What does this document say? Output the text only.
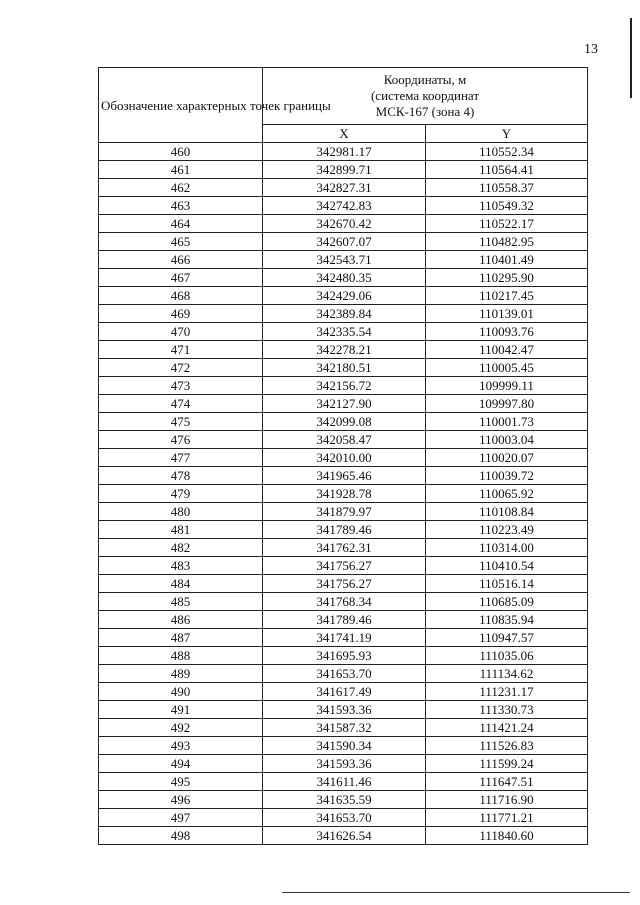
13
Обозначение характерных точек границы	Координаты, м
(система координат
МСК-167 (зона 4)	

	X	Y
460	342981.17	110552.34
461	342899.71	110564.41
462	342827.31	110558.37
463	342742.83	110549.32
464	342670.42	110522.17
465	342607.07	110482.95
466	342543.71	110401.49
467	342480.35	110295.90
468	342429.06	110217.45
469	342389.84	110139.01
470	342335.54	110093.76
471	342278.21	110042.47
472	342180.51	110005.45
473	342156.72	109999.11
474	342127.90	109997.80
475	342099.08	110001.73
476	342058.47	110003.04
477	342010.00	110020.07
478	341965.46	110039.72
479	341928.78	110065.92
480	341879.97	110108.84
481	341789.46	110223.49
482	341762.31	110314.00
483	341756.27	110410.54
484	341756.27	110516.14
485	341768.34	110685.09
486	341789.46	110835.94
487	341741.19	110947.57
488	341695.93	111035.06
489	341653.70	111134.62
490	341617.49	111231.17
491	341593.36	111330.73
492	341587.32	111421.24
493	341590.34	111526.83
494	341593.36	111599.24
495	341611.46	111647.51
496	341635.59	111716.90
497	341653.70	111771.21
498	341626.54	111840.60
